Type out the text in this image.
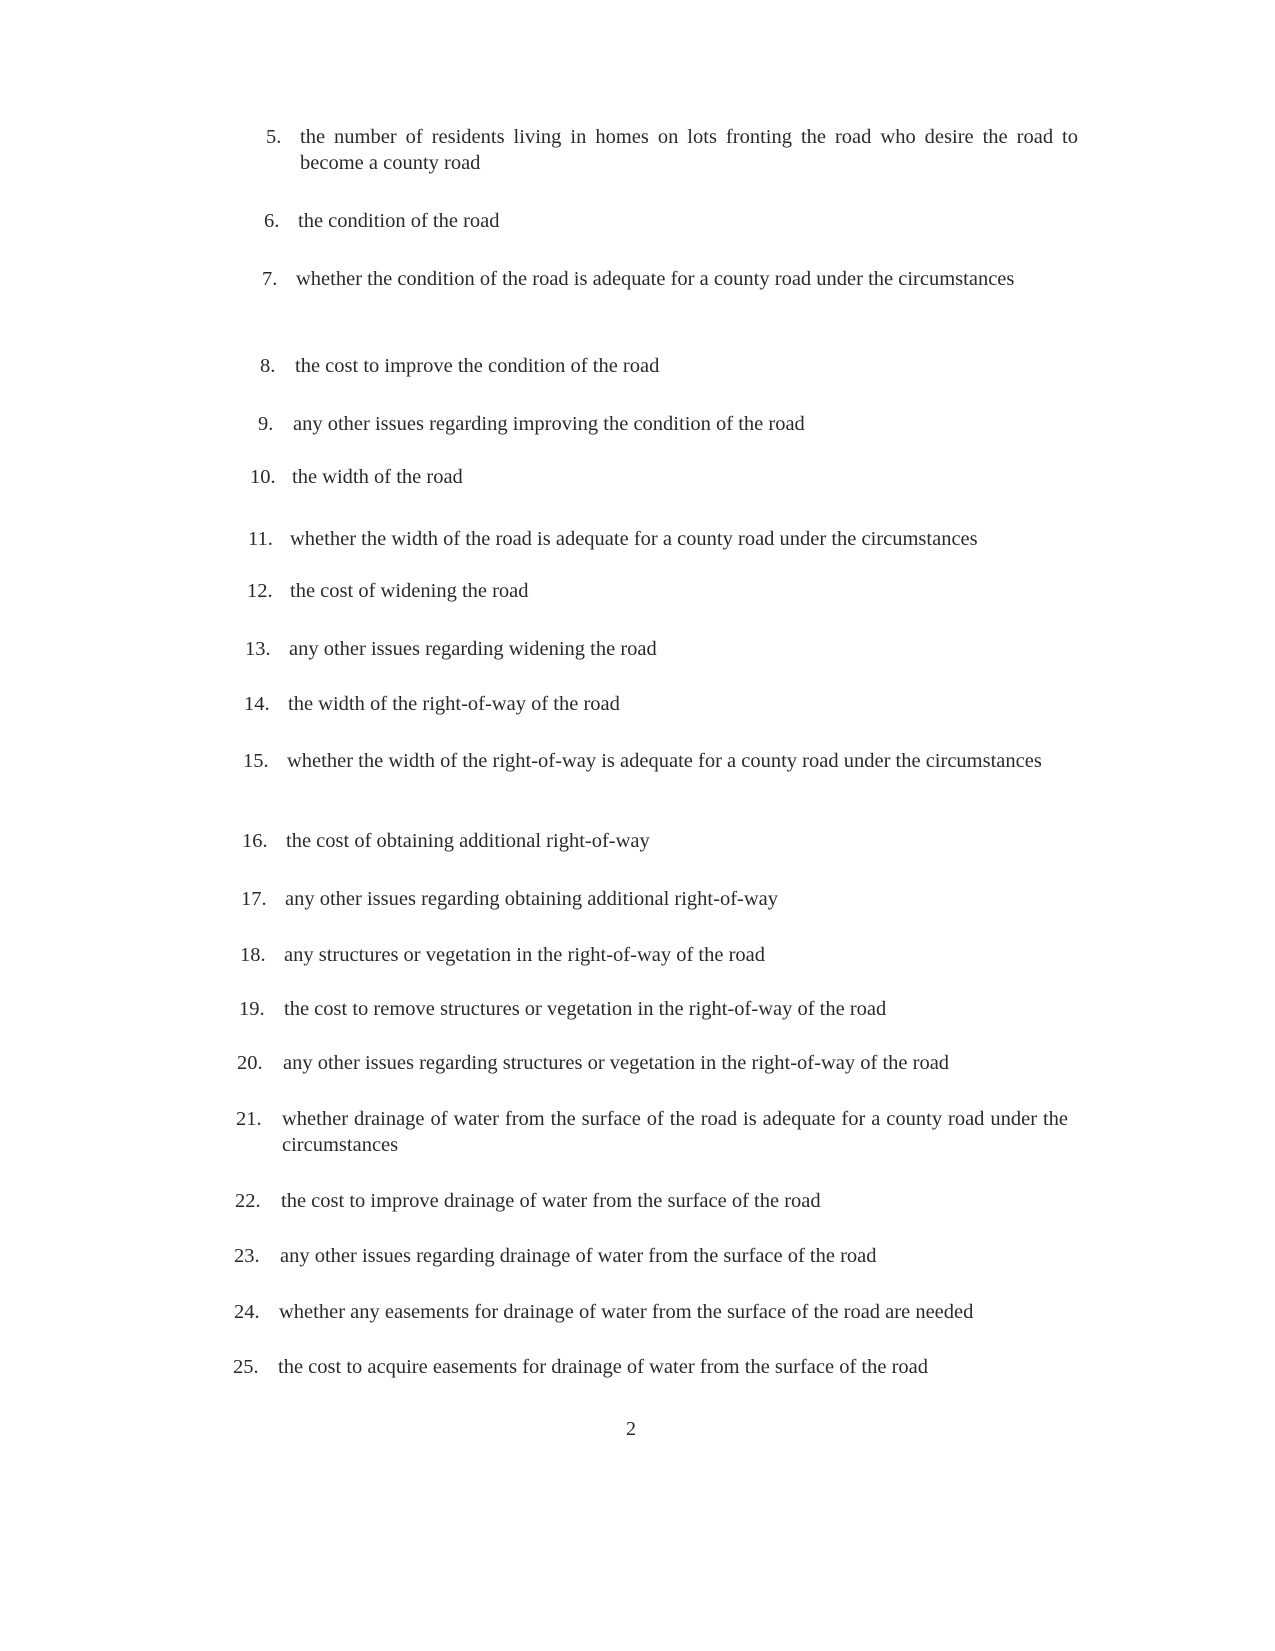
5. the number of residents living in homes on lots fronting the road who desire the road to become a county road
6. the condition of the road
7. whether the condition of the road is adequate for a county road under the circumstances
8. the cost to improve the condition of the road
9. any other issues regarding improving the condition of the road
10. the width of the road
11. whether the width of the road is adequate for a county road under the circumstances
12. the cost of widening the road
13. any other issues regarding widening the road
14. the width of the right-of-way of the road
15. whether the width of the right-of-way is adequate for a county road under the circumstances
16. the cost of obtaining additional right-of-way
17. any other issues regarding obtaining additional right-of-way
18. any structures or vegetation in the right-of-way of the road
19. the cost to remove structures or vegetation in the right-of-way of the road
20. any other issues regarding structures or vegetation in the right-of-way of the road
21. whether drainage of water from the surface of the road is adequate for a county road under the circumstances
22. the cost to improve drainage of water from the surface of the road
23. any other issues regarding drainage of water from the surface of the road
24. whether any easements for drainage of water from the surface of the road are needed
25. the cost to acquire easements for drainage of water from the surface of the road
2
